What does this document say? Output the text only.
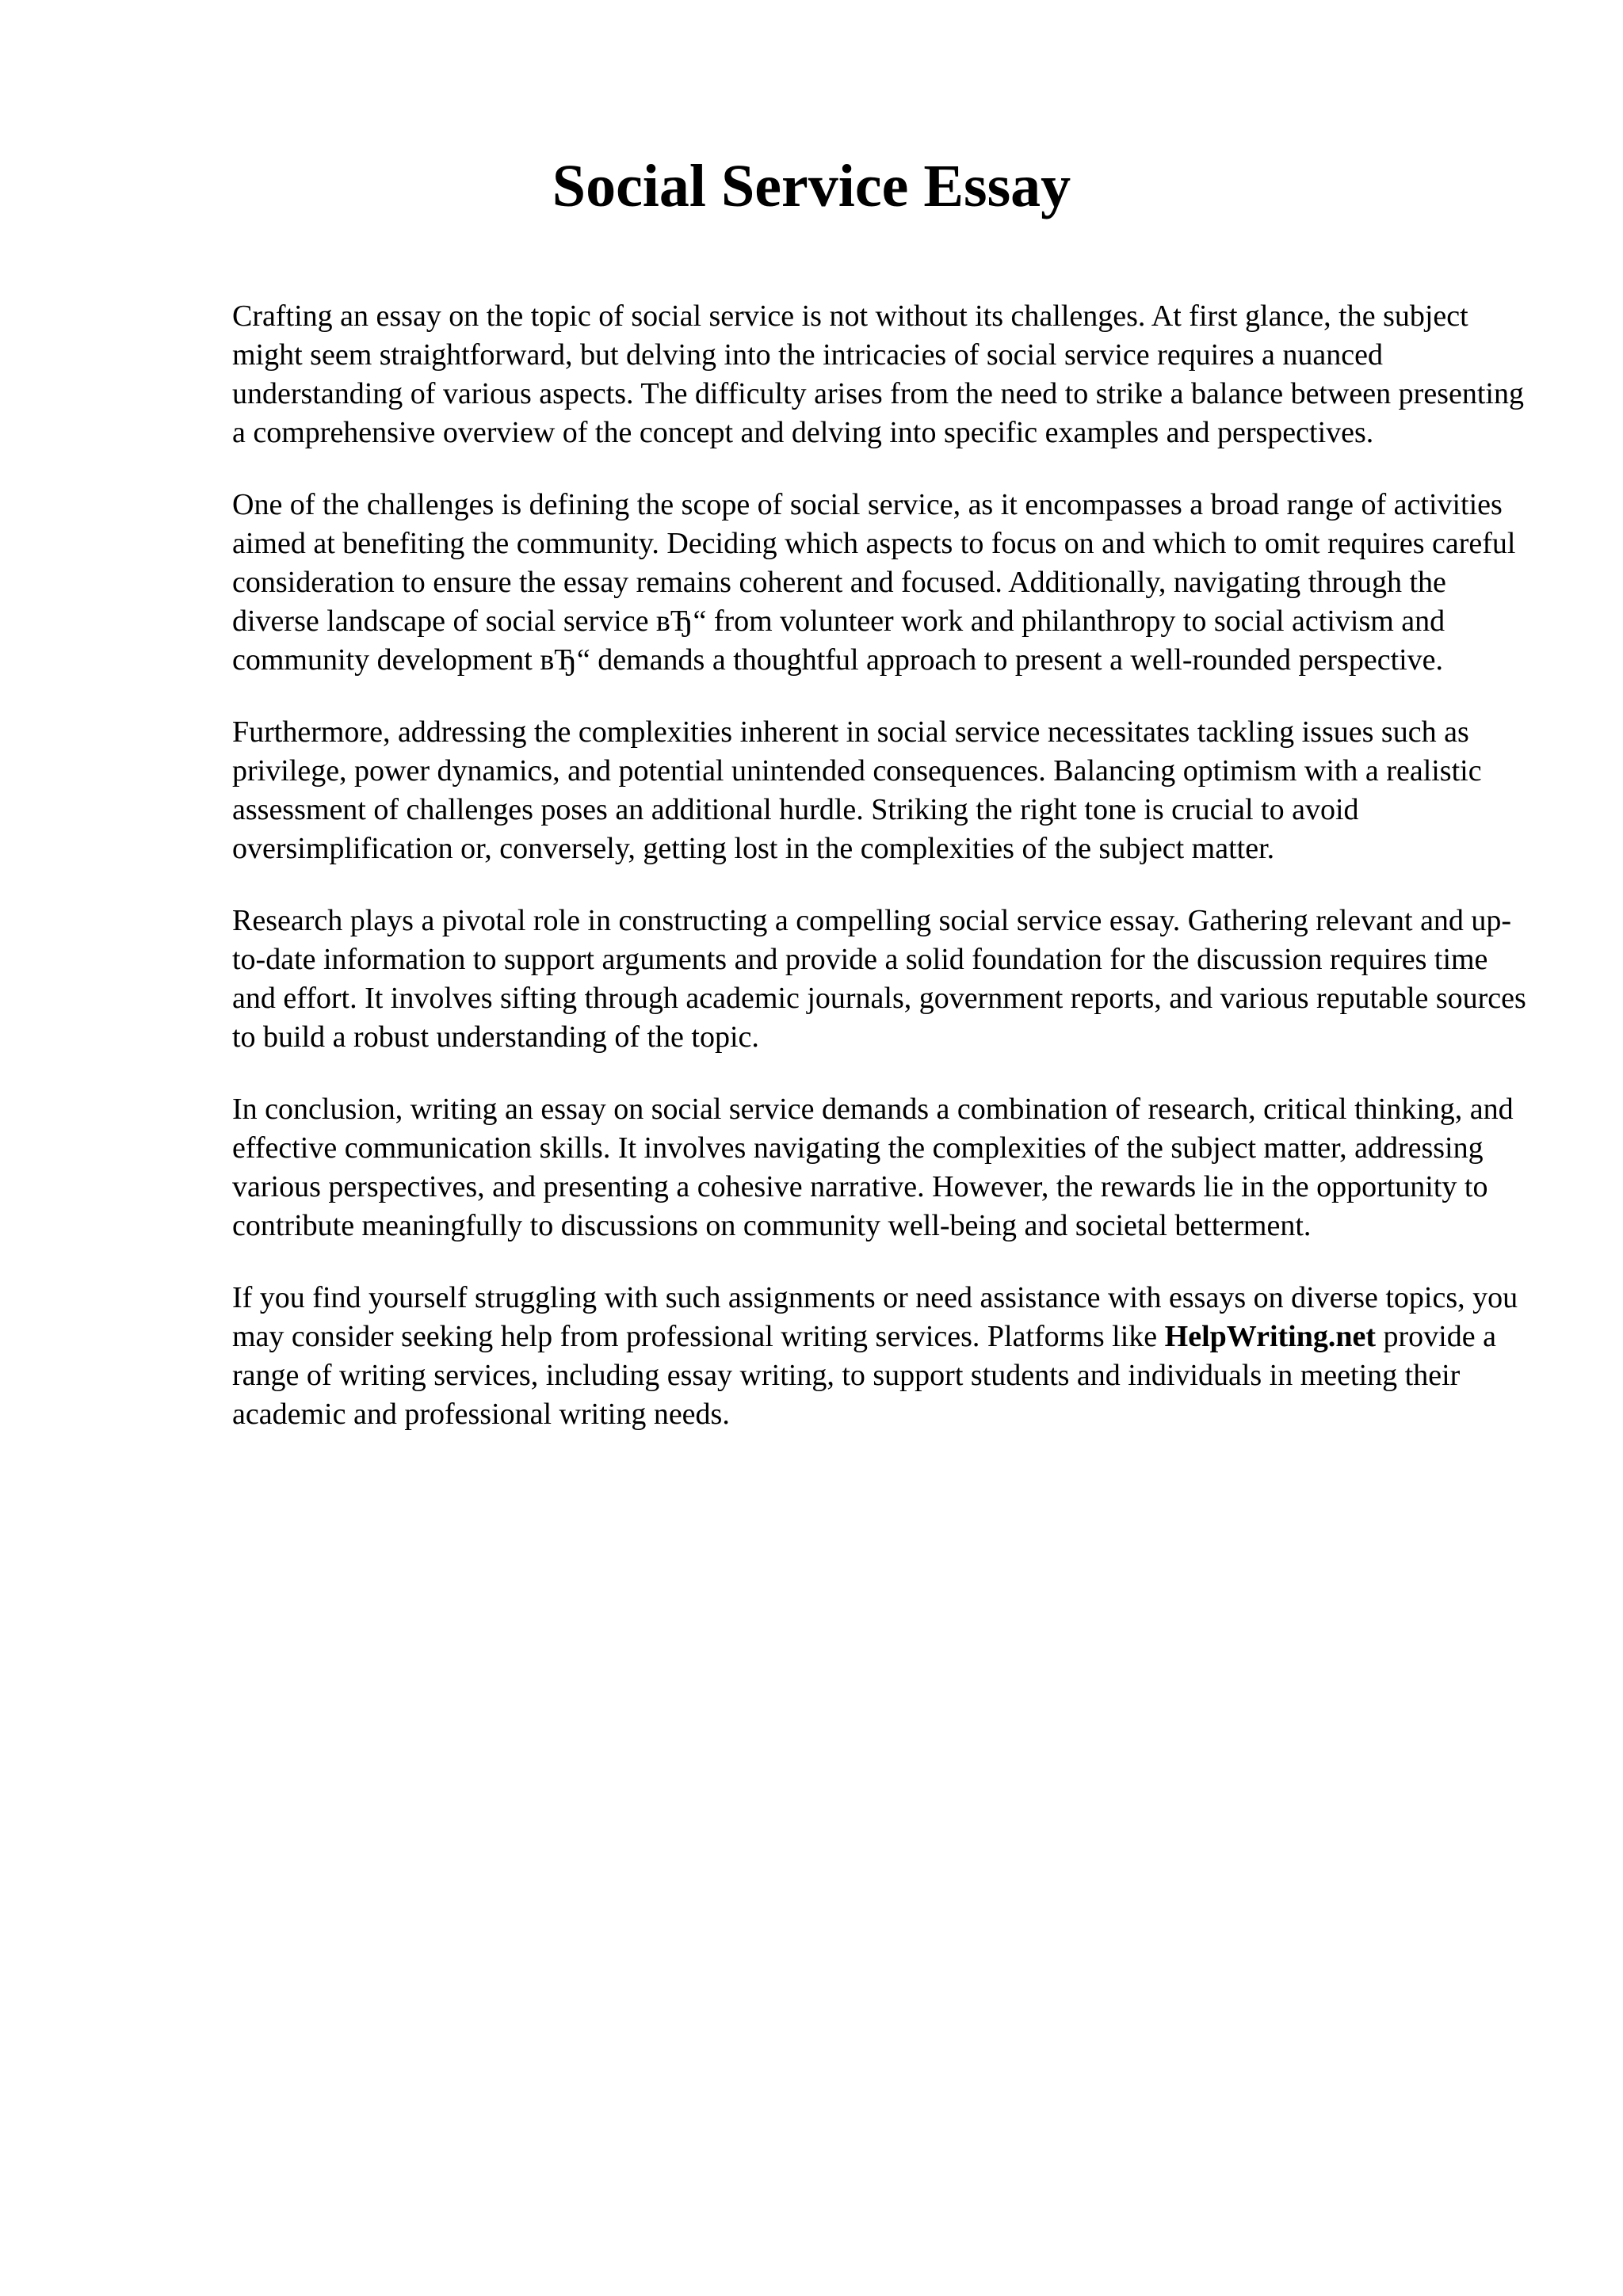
Social Service Essay

Crafting an essay on the topic of social service is not without its challenges. At first glance, the subject might seem straightforward, but delving into the intricacies of social service requires a nuanced understanding of various aspects. The difficulty arises from the need to strike a balance between presenting a comprehensive overview of the concept and delving into specific examples and perspectives.

One of the challenges is defining the scope of social service, as it encompasses a broad range of activities aimed at benefiting the community. Deciding which aspects to focus on and which to omit requires careful consideration to ensure the essay remains coherent and focused. Additionally, navigating through the diverse landscape of social service вЂ“ from volunteer work and philanthropy to social activism and community development вЂ“ demands a thoughtful approach to present a well-rounded perspective.

Furthermore, addressing the complexities inherent in social service necessitates tackling issues such as privilege, power dynamics, and potential unintended consequences. Balancing optimism with a realistic assessment of challenges poses an additional hurdle. Striking the right tone is crucial to avoid oversimplification or, conversely, getting lost in the complexities of the subject matter.

Research plays a pivotal role in constructing a compelling social service essay. Gathering relevant and up-to-date information to support arguments and provide a solid foundation for the discussion requires time and effort. It involves sifting through academic journals, government reports, and various reputable sources to build a robust understanding of the topic.

In conclusion, writing an essay on social service demands a combination of research, critical thinking, and effective communication skills. It involves navigating the complexities of the subject matter, addressing various perspectives, and presenting a cohesive narrative. However, the rewards lie in the opportunity to contribute meaningfully to discussions on community well-being and societal betterment.

If you find yourself struggling with such assignments or need assistance with essays on diverse topics, you may consider seeking help from professional writing services. Platforms like HelpWriting.net provide a range of writing services, including essay writing, to support students and individuals in meeting their academic and professional writing needs.
